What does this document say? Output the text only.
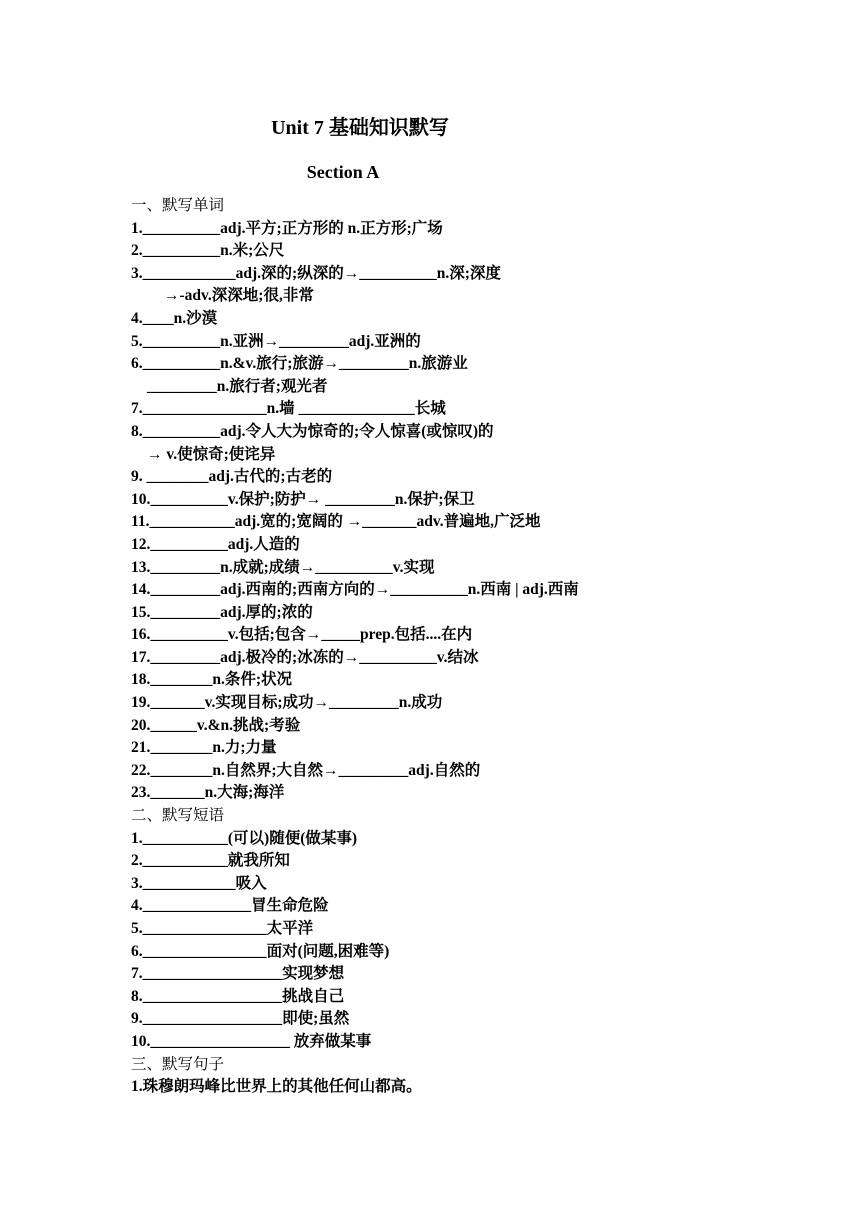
Unit 7 基础知识默写
Section A
一、默写单词
1.__________adj.平方;正方形的 n.正方形;广场
2.__________n.米;公尺
3.____________adj.深的;纵深的→__________n.深;深度
→-adv.深深地;很,非常
4.____n.沙漠
5.__________n.亚洲→_________adj.亚洲的
6.__________n.&v.旅行;旅游→_________n.旅游业
_________n.旅行者;观光者
7.________________n.墙 _______________长城
8.__________adj.令人大为惊奇的;令人惊喜(或惊叹)的
→ v.使惊奇;使诧异
9. ________adj.古代的;古老的
10.__________v.保护;防护→ _________n.保护;保卫
11.___________adj.宽的;宽阔的 →_______adv.普遍地,广泛地
12.__________adj.人造的
13._________n.成就;成绩→__________v.实现
14._________adj.西南的;西南方向的→__________n.西南 | adj.西南
15._________adj.厚的;浓的
16.__________v.包括;包含→_____prep.包括....在内
17._________adj.极冷的;冰冻的→__________v.结冰
18.________n.条件;状况
19._______v.实现目标;成功→_________n.成功
20.______v.&n.挑战;考验
21.________n.力;力量
22.________n.自然界;大自然→_________adj.自然的
23._______n.大海;海洋
二、默写短语
1.___________(可以)随便(做某事)
2.___________就我所知
3.____________吸入
4.______________冒生命危险
5.________________太平洋
6.________________面对(问题,困难等)
7.__________________实现梦想
8.__________________挑战自己
9.__________________即使;虽然
10.__________________ 放弃做某事
三、默写句子
1.珠穆朗玛峰比世界上的其他任何山都高。
